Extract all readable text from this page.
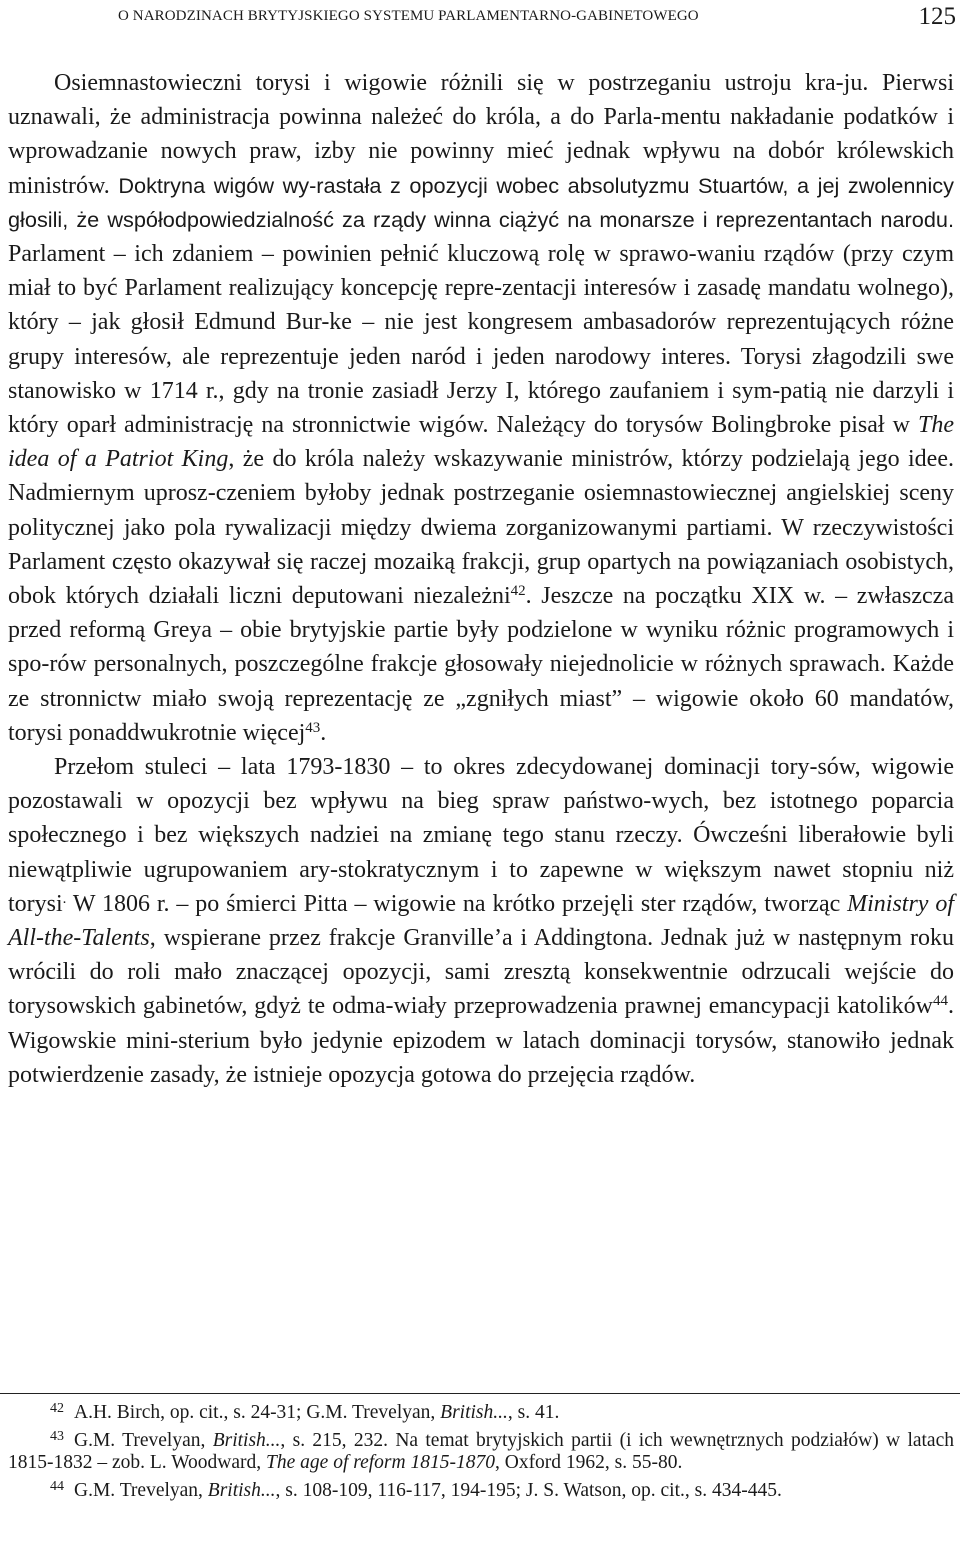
O NARODZINACH BRYTYJSKIEGO SYSTEMU PARLAMENTARNO-GABINETOWEGO	125

Osiemnastowieczni torysi i wigowie różnili się w postrzeganiu ustroju kra-ju. Pierwsi uznawali, że administracja powinna należeć do króla, a do Parla-mentu nakładanie podatków i wprowadzanie nowych praw, izby nie powinny mieć jednak wpływu na dobór królewskich ministrów. Doktryna wigów wy-rastała z opozycji wobec absolutyzmu Stuartów, a jej zwolennicy głosili, że współodpowiedzialność za rządy winna ciążyć na monarsze i reprezentantach narodu. Parlament – ich zdaniem – powinien pełnić kluczową rolę w sprawo-waniu rządów (przy czym miał to być Parlament realizujący koncepcję repre-zentacji interesów i zasadę mandatu wolnego), który – jak głosił Edmund Bur-ke – nie jest kongresem ambasadorów reprezentujących różne grupy interesów, ale reprezentuje jeden naród i jeden narodowy interes. Torysi złagodzili swe stanowisko w 1714 r., gdy na tronie zasiadł Jerzy I, którego zaufaniem i sym-patią nie darzyli i który oparł administrację na stronnictwie wigów. Należący do torysów Bolingbroke pisał w The idea of a Patriot King, że do króla należy wskazywanie ministrów, którzy podzielają jego idee. Nadmiernym uprosz-czeniem byłoby jednak postrzeganie osiemnastowiecznej angielskiej sceny politycznej jako pola rywalizacji między dwiema zorganizowanymi partiami. W rzeczywistości Parlament często okazywał się raczej mozaiką frakcji, grup opartych na powiązaniach osobistych, obok których działali liczni deputowani niezależni$^{42}$. Jeszcze na początku XIX w. – zwłaszcza przed reformą Greya – obie brytyjskie partie były podzielone w wyniku różnic programowych i spo-rów personalnych, poszczególne frakcje głosowały niejednolicie w różnych sprawach. Każde ze stronnictw miało swoją reprezentację ze „zgniłych miast” – wigowie około 60 mandatów, torysi ponaddwukrotnie więcej$^{43}$.

Przełom stuleci – lata 1793-1830 – to okres zdecydowanej dominacji tory-sów, wigowie pozostawali w opozycji bez wpływu na bieg spraw państwo-wych, bez istotnego poparcia społecznego i bez większych nadziei na zmianę tego stanu rzeczy. Ówcześni liberałowie byli niewątpliwie ugrupowaniem ary-stokratycznym i to zapewne w większym nawet stopniu niż torysi. W 1806 r. – po śmierci Pitta – wigowie na krótko przejęli ster rządów, tworząc Ministry of All-the-Talents, wspierane przez frakcje Granville’a i Addingtona. Jednak już w następnym roku wrócili do roli mało znaczącej opozycji, sami zresztą konsekwentnie odrzucali wejście do torysowskich gabinetów, gdyż te odma-wiały przeprowadzenia prawnej emancypacji katolików$^{44}$. Wigowskie mini-sterium było jedynie epizodem w latach dominacji torysów, stanowiło jednak potwierdzenie zasady, że istnieje opozycja gotowa do przejęcia rządów.

$^{42}$ A.H. Birch, op. cit., s. 24-31; G.M. Trevelyan, British..., s. 41.

$^{43}$ G.M. Trevelyan, British..., s. 215, 232. Na temat brytyjskich partii (i ich wewnętrznych podziałów) w latach 1815-1832 – zob. L. Woodward, The age of reform 1815-1870, Oxford 1962, s. 55-80.

$^{44}$ G.M. Trevelyan, British..., s. 108-109, 116-117, 194-195; J. S. Watson, op. cit., s. 434-445.
